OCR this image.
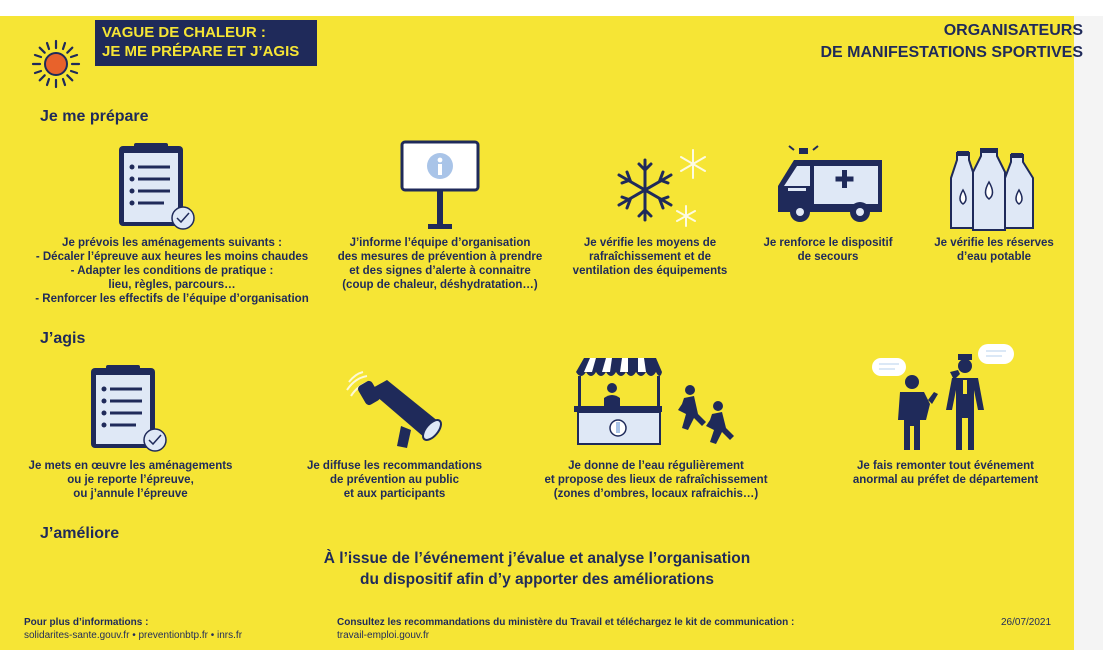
VAGUE DE CHALEUR :
JE ME PRÉPARE ET J’AGIS
ORGANISATEURS
DE MANIFESTATIONS SPORTIVES
Je me prépare
Je prévois les aménagements suivants :
- Décaler l’épreuve aux heures les moins chaudes
- Adapter les conditions de pratique :
lieu, règles, parcours…
- Renforcer les effectifs de l’équipe d’organisation
J’informe l’équipe d’organisation
des mesures de prévention à prendre
et des signes d’alerte à connaitre
(coup de chaleur, déshydratation…)
Je vérifie les moyens de
rafraîchissement et de
ventilation des équipements
Je renforce le dispositif
de secours
Je vérifie les réserves
d’eau potable
J’agis
Je mets en œuvre les aménagements
ou je reporte l’épreuve,
ou j’annule l’épreuve
Je diffuse les recommandations
de prévention au public
et aux participants
Je donne de l’eau régulièrement
et propose des lieux de rafraîchissement
(zones d’ombres, locaux rafraichis…)
Je fais remonter tout événement
anormal au préfet de département
J’améliore
À l’issue de l’événement j’évalue et analyse l’organisation
du dispositif afin d’y apporter des améliorations
Pour plus d’informations :
solidarites-sante.gouv.fr • preventionbtp.fr • inrs.fr
Consultez les recommandations du ministère du Travail et téléchargez le kit de communication :
travail-emploi.gouv.fr
26/07/2021
